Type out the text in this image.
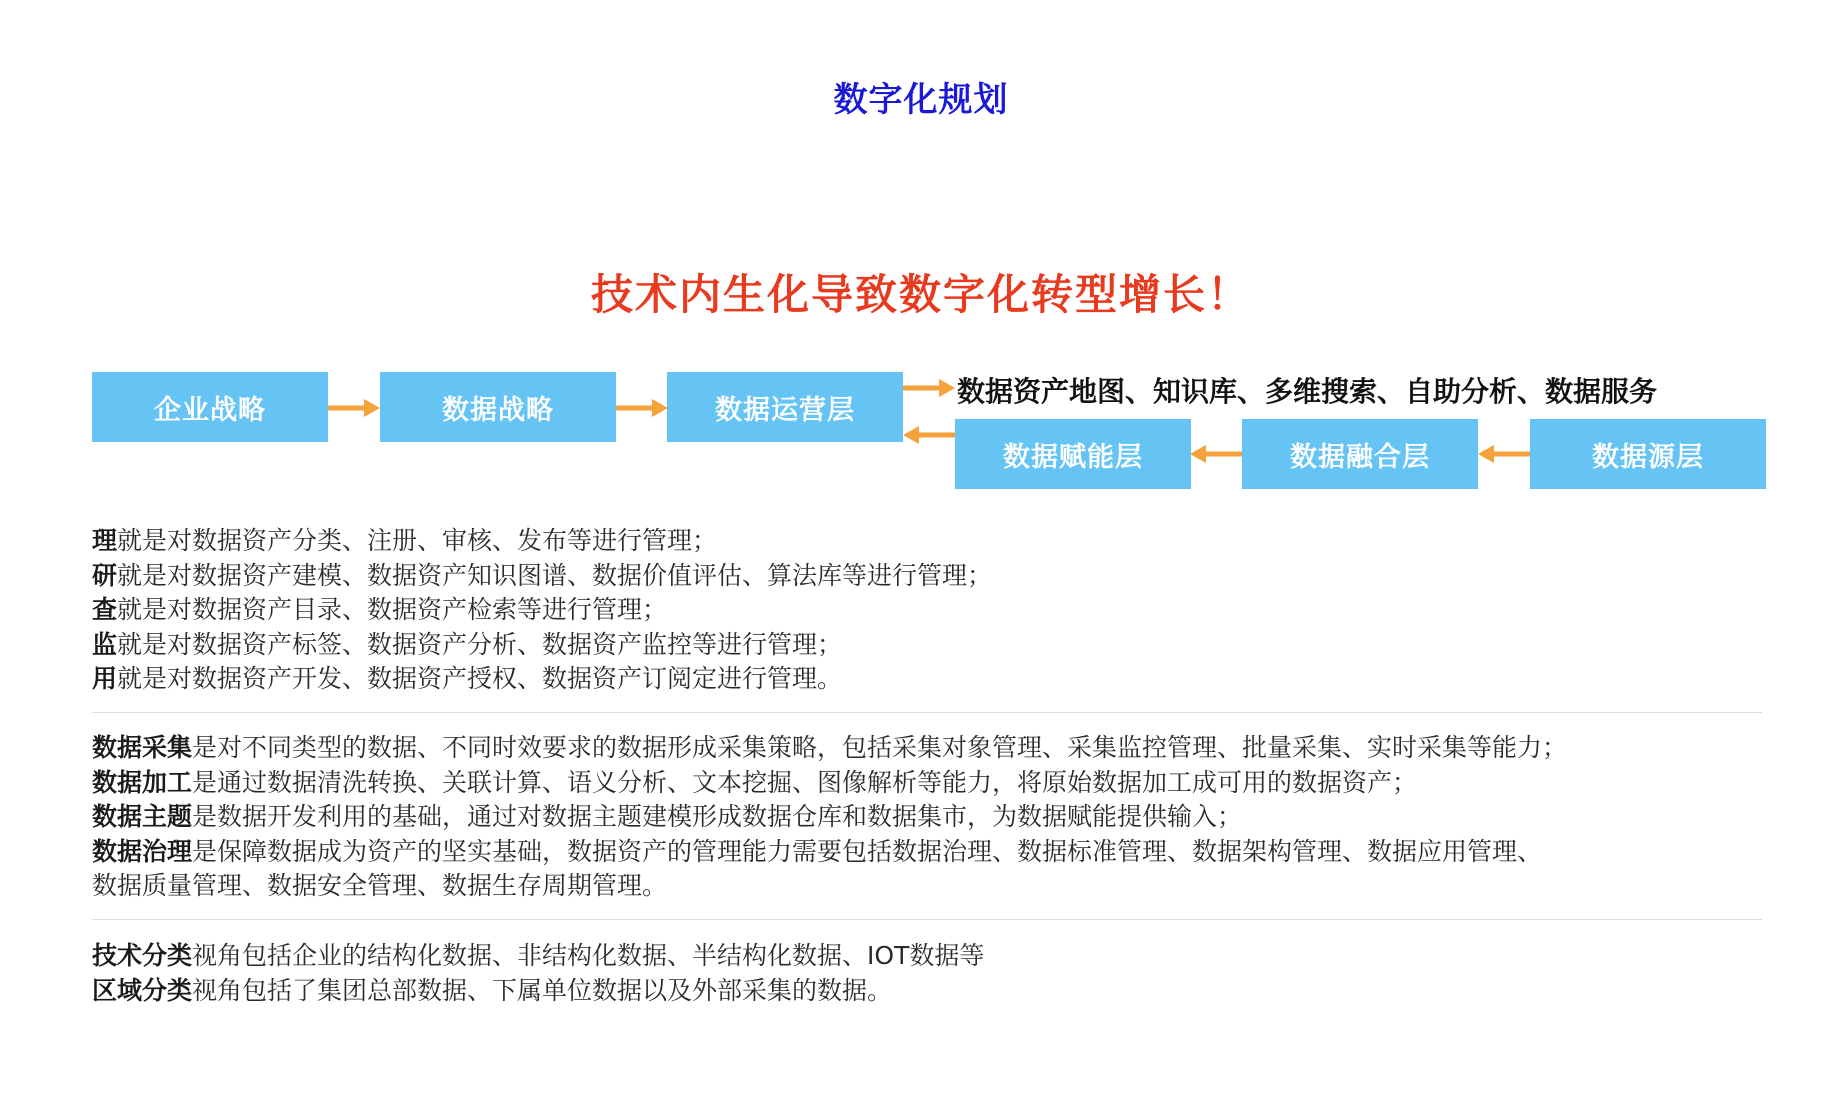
数字化规划
技术内生化导致数字化转型增长！
企业战略	数据战略	数据运营层
数据赋能层	数据融合层	数据源层
数据资产地图、知识库、多维搜索、自助分析、数据服务
理就是对数据资产分类、注册、审核、发布等进行管理；
研就是对数据资产建模、数据资产知识图谱、数据价值评估、算法库等进行管理；
查就是对数据资产目录、数据资产检索等进行管理；
监就是对数据资产标签、数据资产分析、数据资产监控等进行管理；
用就是对数据资产开发、数据资产授权、数据资产订阅定进行管理。
数据采集是对不同类型的数据、不同时效要求的数据形成采集策略，包括采集对象管理、采集监控管理、批量采集、实时采集等能力；
数据加工是通过数据清洗转换、关联计算、语义分析、文本挖掘、图像解析等能力，将原始数据加工成可用的数据资产；
数据主题是数据开发利用的基础，通过对数据主题建模形成数据仓库和数据集市，为数据赋能提供输入；
数据治理是保障数据成为资产的坚实基础，数据资产的管理能力需要包括数据治理、数据标准管理、数据架构管理、数据应用管理、
数据质量管理、数据安全管理、数据生存周期管理。
技术分类视角包括企业的结构化数据、非结构化数据、半结构化数据、IOT数据等
区域分类视角包括了集团总部数据、下属单位数据以及外部采集的数据。
